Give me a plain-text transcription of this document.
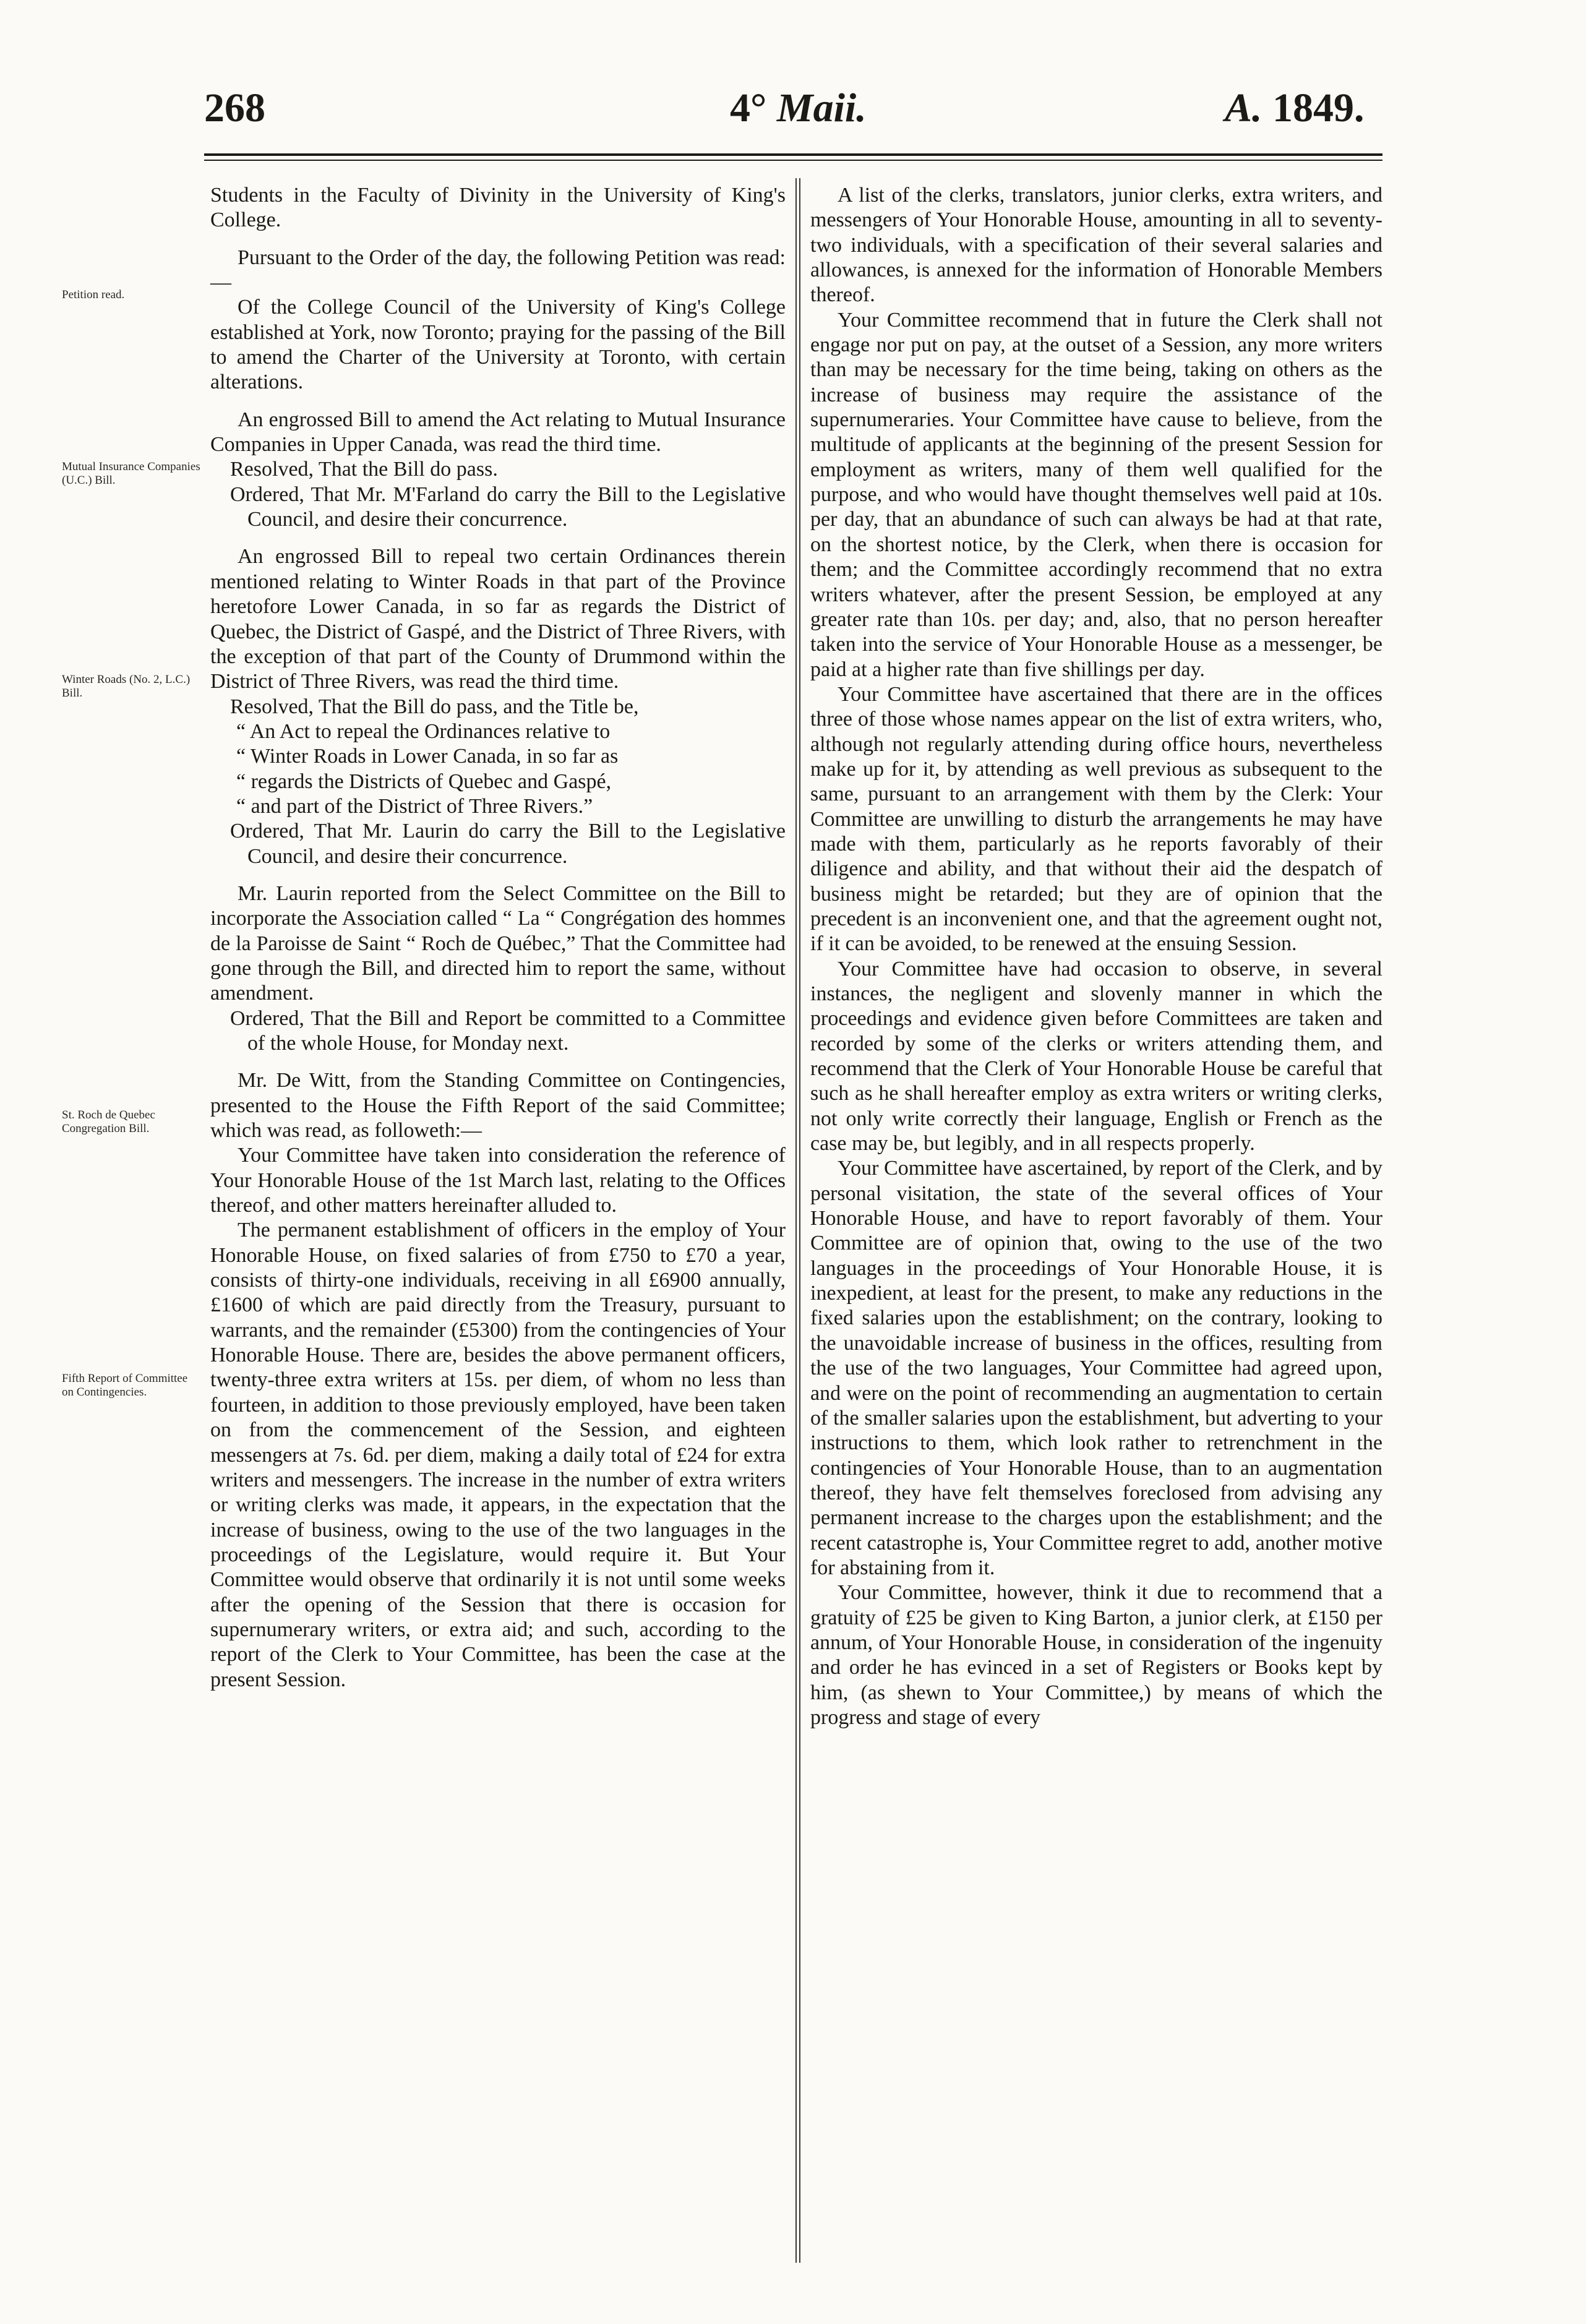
268	4° Maii.	A. 1849.
Petition read.
Mutual Insurance Companies (U.C.) Bill.
Winter Roads (No. 2, L.C.) Bill.
St. Roch de Quebec Congregation Bill.
Fifth Report of Committee on Contingencies.

Students in the Faculty of Divinity in the University of King's College.

Pursuant to the Order of the day, the following Petition was read:—

Of the College Council of the University of King's College established at York, now Toronto; praying for the passing of the Bill to amend the Charter of the University at Toronto, with certain alterations.

An engrossed Bill to amend the Act relating to Mutual Insurance Companies in Upper Canada, was read the third time.

Resolved, That the Bill do pass.

Ordered, That Mr. M'Farland do carry the Bill to the Legislative Council, and desire their concurrence.

An engrossed Bill to repeal two certain Ordinances therein mentioned relating to Winter Roads in that part of the Province heretofore Lower Canada, in so far as regards the District of Quebec, the District of Gaspé, and the District of Three Rivers, with the exception of that part of the County of Drummond within the District of Three Rivers, was read the third time.

Resolved, That the Bill do pass, and the Title be,

“ An Act to repeal the Ordinances relative to

“ Winter Roads in Lower Canada, in so far as

“ regards the Districts of Quebec and Gaspé,

“ and part of the District of Three Rivers.”

Ordered, That Mr. Laurin do carry the Bill to the Legislative Council, and desire their concurrence.

Mr. Laurin reported from the Select Committee on the Bill to incorporate the Association called “ La “ Congrégation des hommes de la Paroisse de Saint “ Roch de Québec,” That the Committee had gone through the Bill, and directed him to report the same, without amendment.

Ordered, That the Bill and Report be committed to a Committee of the whole House, for Monday next.

Mr. De Witt, from the Standing Committee on Contingencies, presented to the House the Fifth Report of the said Committee; which was read, as followeth:—

Your Committee have taken into consideration the reference of Your Honorable House of the 1st March last, relating to the Offices thereof, and other matters hereinafter alluded to.

The permanent establishment of officers in the employ of Your Honorable House, on fixed salaries of from £750 to £70 a year, consists of thirty-one individuals, receiving in all £6900 annually, £1600 of which are paid directly from the Treasury, pursuant to warrants, and the remainder (£5300) from the contingencies of Your Honorable House. There are, besides the above permanent officers, twenty-three extra writers at 15s. per diem, of whom no less than fourteen, in addition to those previously employed, have been taken on from the commencement of the Session, and eighteen messengers at 7s. 6d. per diem, making a daily total of £24 for extra writers and messengers. The increase in the number of extra writers or writing clerks was made, it appears, in the expectation that the increase of business, owing to the use of the two languages in the proceedings of the Legislature, would require it. But Your Committee would observe that ordinarily it is not until some weeks after the opening of the Session that there is occasion for supernumerary writers, or extra aid; and such, according to the report of the Clerk to Your Committee, has been the case at the present Session.

A list of the clerks, translators, junior clerks, extra writers, and messengers of Your Honorable House, amounting in all to seventy-two individuals, with a specification of their several salaries and allowances, is annexed for the information of Honorable Members thereof.

Your Committee recommend that in future the Clerk shall not engage nor put on pay, at the outset of a Session, any more writers than may be necessary for the time being, taking on others as the increase of business may require the assistance of the supernumeraries. Your Committee have cause to believe, from the multitude of applicants at the beginning of the present Session for employment as writers, many of them well qualified for the purpose, and who would have thought themselves well paid at 10s. per day, that an abundance of such can always be had at that rate, on the shortest notice, by the Clerk, when there is occasion for them; and the Committee accordingly recommend that no extra writers whatever, after the present Session, be employed at any greater rate than 10s. per day; and, also, that no person hereafter taken into the service of Your Honorable House as a messenger, be paid at a higher rate than five shillings per day.

Your Committee have ascertained that there are in the offices three of those whose names appear on the list of extra writers, who, although not regularly attending during office hours, nevertheless make up for it, by attending as well previous as subsequent to the same, pursuant to an arrangement with them by the Clerk: Your Committee are unwilling to disturb the arrangements he may have made with them, particularly as he reports favorably of their diligence and ability, and that without their aid the despatch of business might be retarded; but they are of opinion that the precedent is an inconvenient one, and that the agreement ought not, if it can be avoided, to be renewed at the ensuing Session.

Your Committee have had occasion to observe, in several instances, the negligent and slovenly manner in which the proceedings and evidence given before Committees are taken and recorded by some of the clerks or writers attending them, and recommend that the Clerk of Your Honorable House be careful that such as he shall hereafter employ as extra writers or writing clerks, not only write correctly their language, English or French as the case may be, but legibly, and in all respects properly.

Your Committee have ascertained, by report of the Clerk, and by personal visitation, the state of the several offices of Your Honorable House, and have to report favorably of them. Your Committee are of opinion that, owing to the use of the two languages in the proceedings of Your Honorable House, it is inexpedient, at least for the present, to make any reductions in the fixed salaries upon the establishment; on the contrary, looking to the unavoidable increase of business in the offices, resulting from the use of the two languages, Your Committee had agreed upon, and were on the point of recommending an augmentation to certain of the smaller salaries upon the establishment, but adverting to your instructions to them, which look rather to retrenchment in the contingencies of Your Honorable House, than to an augmentation thereof, they have felt themselves foreclosed from advising any permanent increase to the charges upon the establishment; and the recent catastrophe is, Your Committee regret to add, another motive for abstaining from it.

Your Committee, however, think it due to recommend that a gratuity of £25 be given to King Barton, a junior clerk, at £150 per annum, of Your Honorable House, in consideration of the ingenuity and order he has evinced in a set of Registers or Books kept by him, (as shewn to Your Committee,) by means of which the progress and stage of every
